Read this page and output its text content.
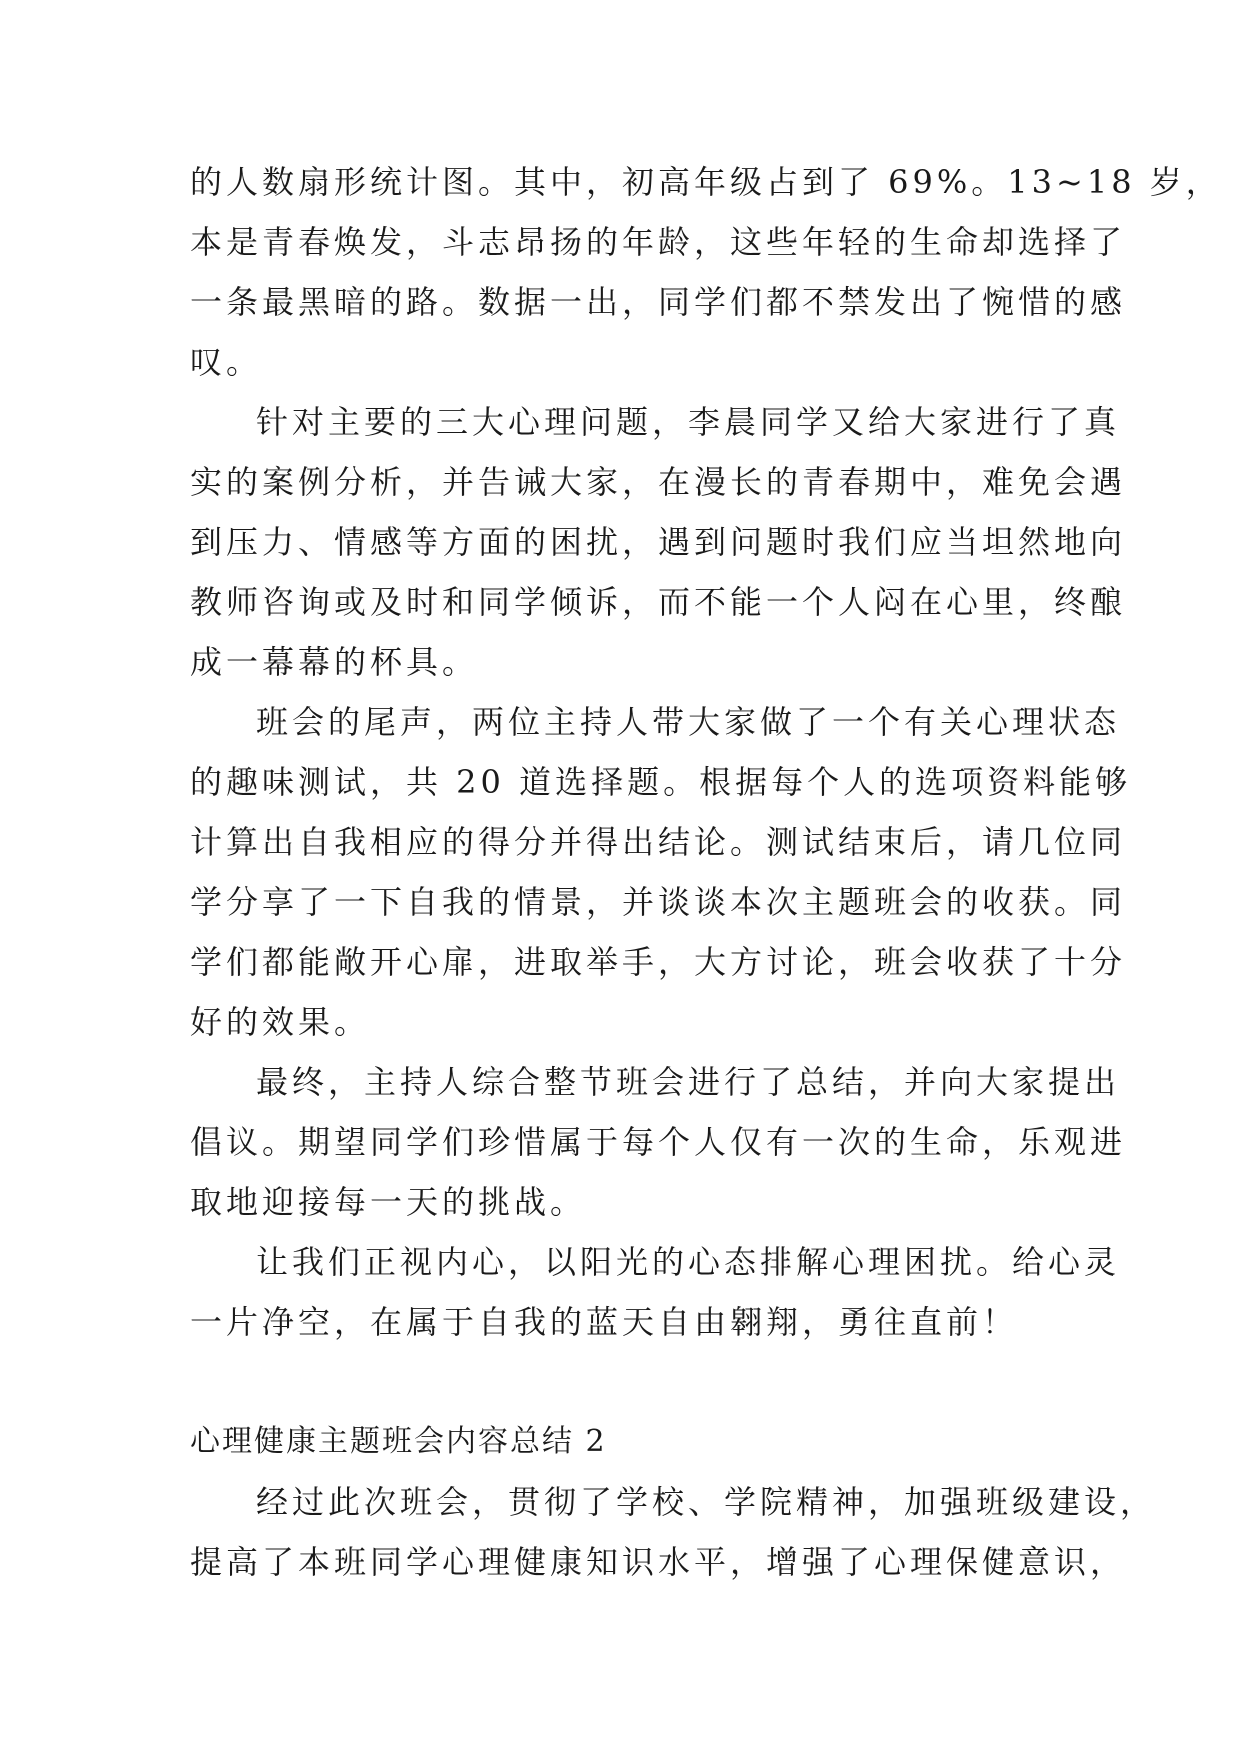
的人数扇形统计图。其中，初高年级占到了 69%。13~18 岁，
本是青春焕发，斗志昂扬的年龄，这些年轻的生命却选择了
一条最黑暗的路。数据一出，同学们都不禁发出了惋惜的感
叹。
针对主要的三大心理问题，李晨同学又给大家进行了真
实的案例分析，并告诫大家，在漫长的青春期中，难免会遇
到压力、情感等方面的困扰，遇到问题时我们应当坦然地向
教师咨询或及时和同学倾诉，而不能一个人闷在心里，终酿
成一幕幕的杯具。
班会的尾声，两位主持人带大家做了一个有关心理状态
的趣味测试，共 20 道选择题。根据每个人的选项资料能够
计算出自我相应的得分并得出结论。测试结束后，请几位同
学分享了一下自我的情景，并谈谈本次主题班会的收获。同
学们都能敞开心扉，进取举手，大方讨论，班会收获了十分
好的效果。
最终，主持人综合整节班会进行了总结，并向大家提出
倡议。期望同学们珍惜属于每个人仅有一次的生命，乐观进
取地迎接每一天的挑战。
让我们正视内心，以阳光的心态排解心理困扰。给心灵
一片净空，在属于自我的蓝天自由翱翔，勇往直前！
心理健康主题班会内容总结 2
经过此次班会，贯彻了学校、学院精神，加强班级建设，
提高了本班同学心理健康知识水平，增强了心理保健意识，
